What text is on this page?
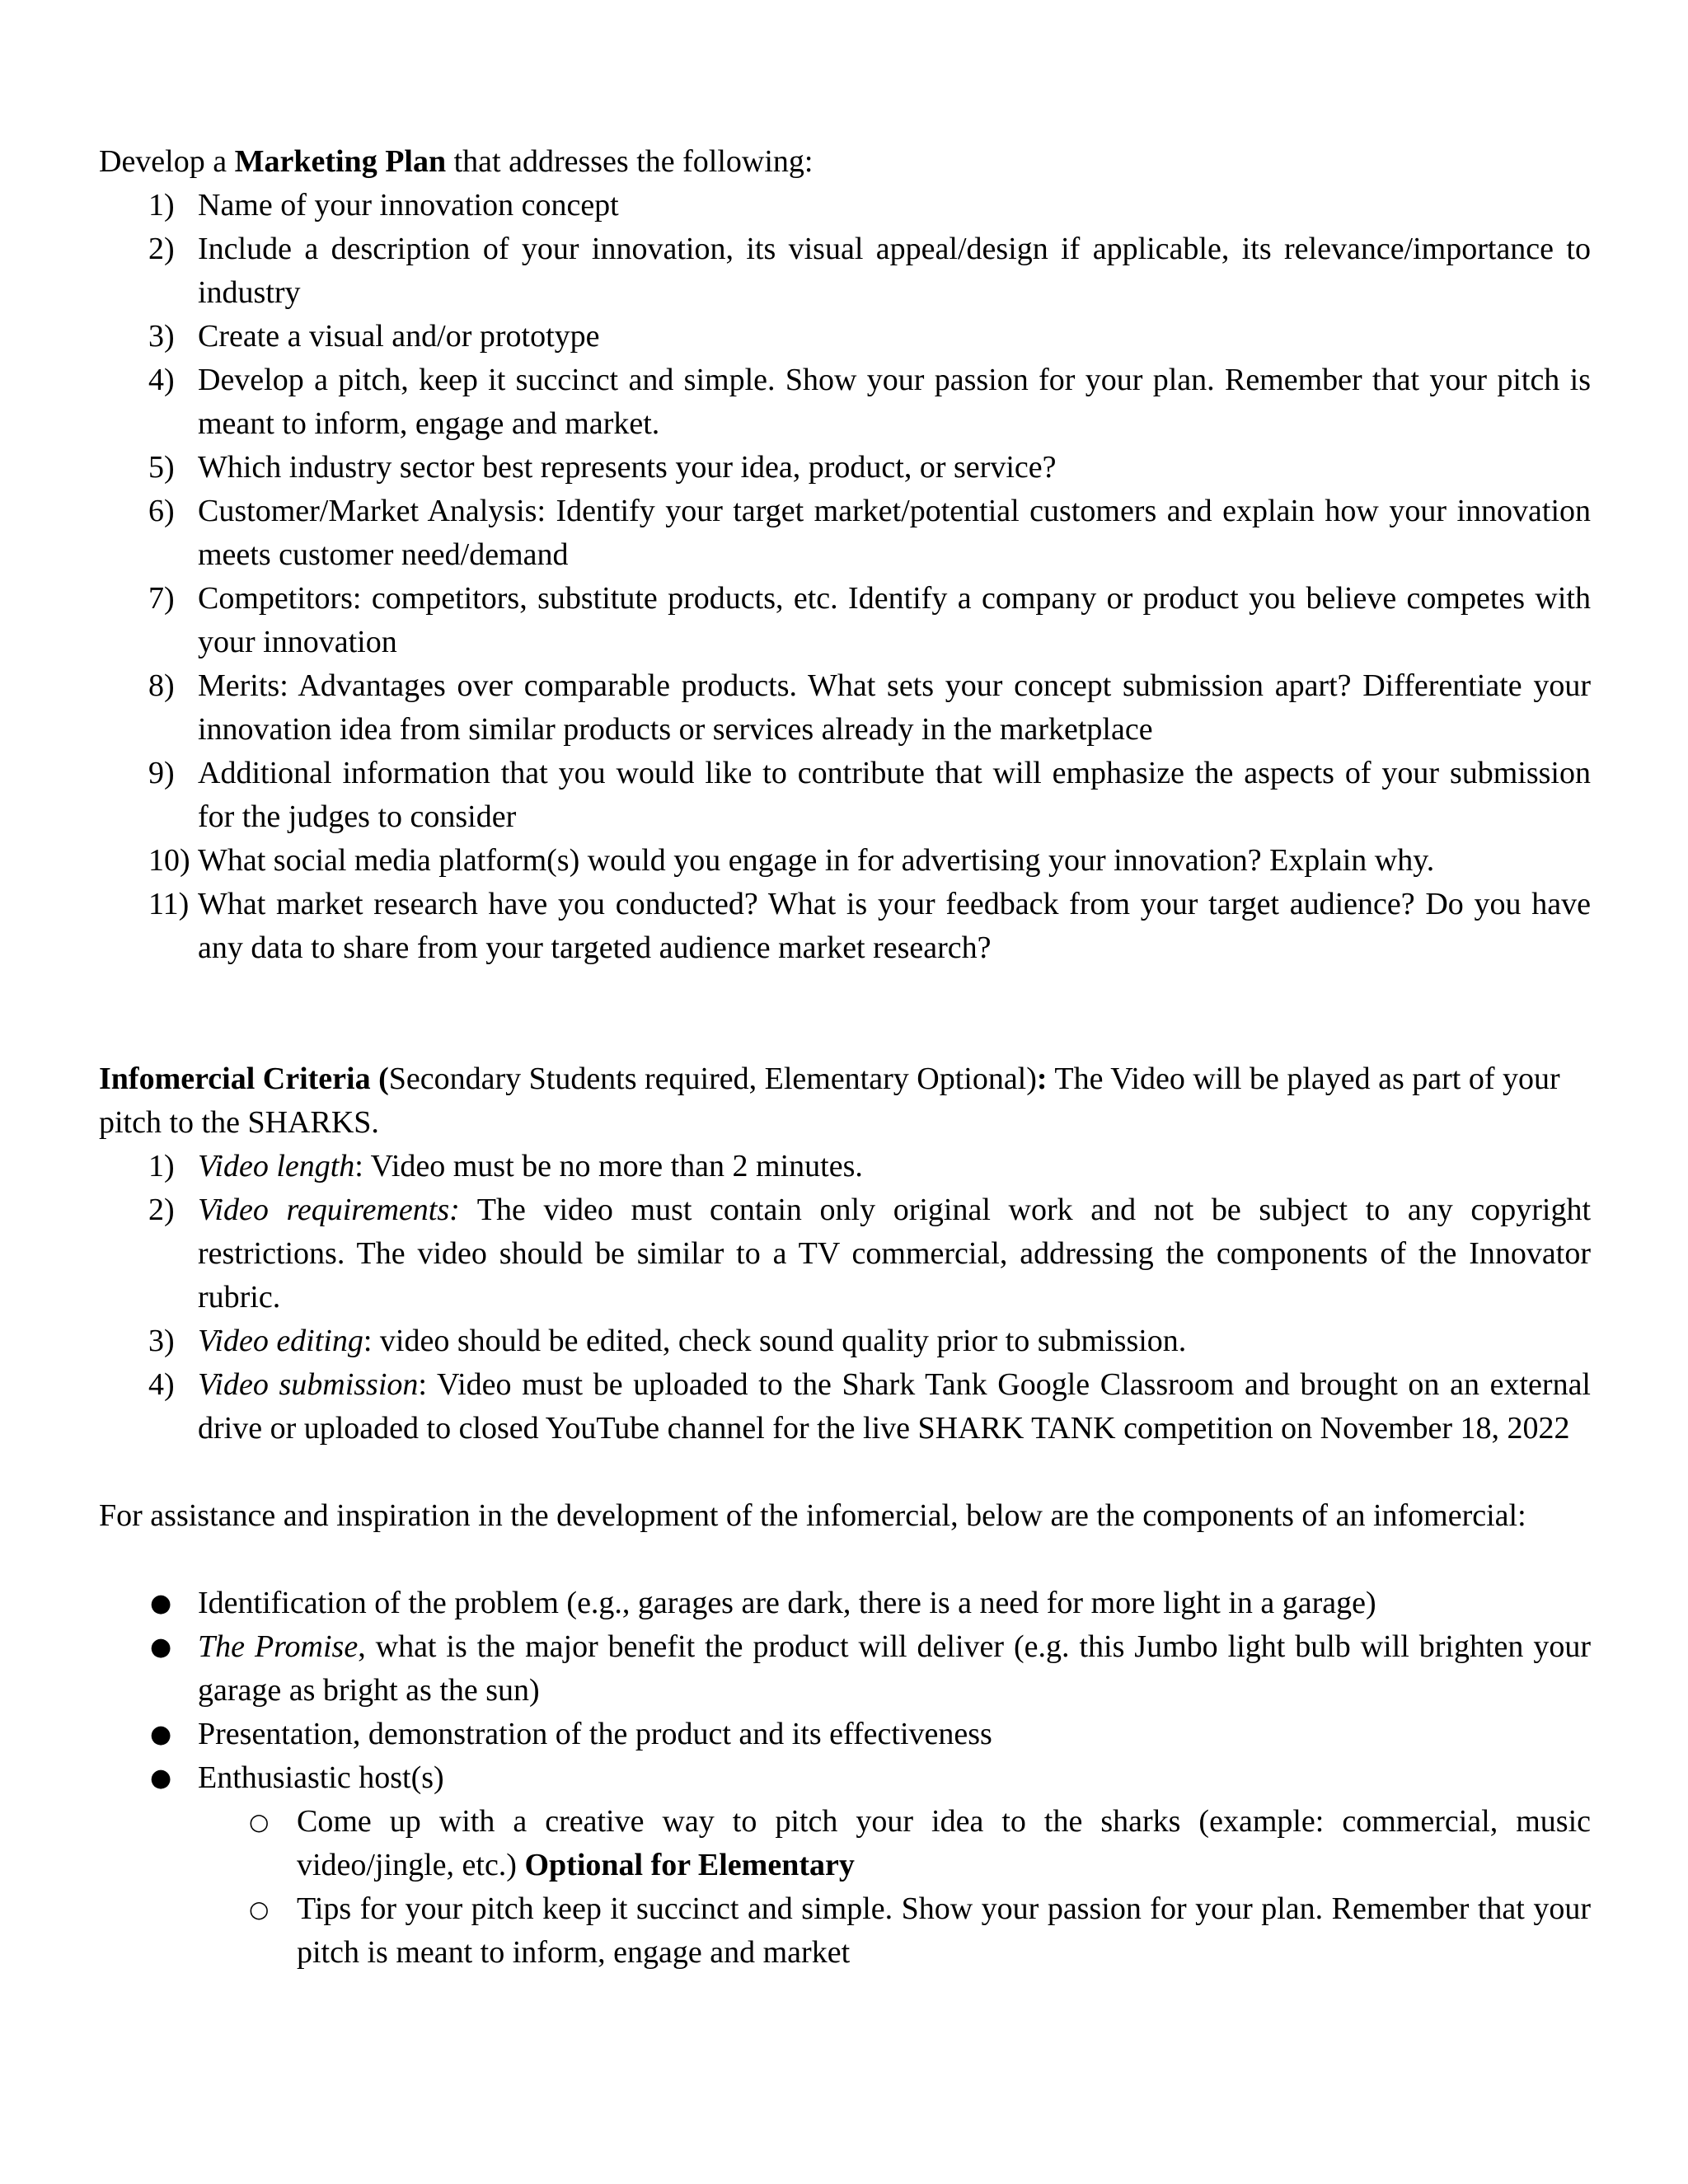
Develop a Marketing Plan that addresses the following:

1) Name of your innovation concept
2) Include a description of your innovation, its visual appeal/design if applicable, its relevance/importance to industry
3) Create a visual and/or prototype
4) Develop a pitch, keep it succinct and simple. Show your passion for your plan. Remember that your pitch is meant to inform, engage and market.
5) Which industry sector best represents your idea, product, or service?
6) Customer/Market Analysis: Identify your target market/potential customers and explain how your innovation meets customer need/demand
7) Competitors: competitors, substitute products, etc. Identify a company or product you believe competes with your innovation
8) Merits: Advantages over comparable products. What sets your concept submission apart? Differentiate your innovation idea from similar products or services already in the marketplace
9) Additional information that you would like to contribute that will emphasize the aspects of your submission for the judges to consider
10) What social media platform(s) would you engage in for advertising your innovation? Explain why.
11) What market research have you conducted? What is your feedback from your target audience? Do you have any data to share from your targeted audience market research?

Infomercial Criteria (Secondary Students required, Elementary Optional): The Video will be played as part of your pitch to the SHARKS.

1) Video length: Video must be no more than 2 minutes.
2) Video requirements: The video must contain only original work and not be subject to any copyright restrictions. The video should be similar to a TV commercial, addressing the components of the Innovator rubric.
3) Video editing: video should be edited, check sound quality prior to submission.
4) Video submission: Video must be uploaded to the Shark Tank Google Classroom and brought on an external drive or uploaded to closed YouTube channel for the live SHARK TANK competition on November 18, 2022

For assistance and inspiration in the development of the infomercial, below are the components of an infomercial:

● Identification of the problem (e.g., garages are dark, there is a need for more light in a garage)
● The Promise, what is the major benefit the product will deliver (e.g. this Jumbo light bulb will brighten your garage as bright as the sun)
● Presentation, demonstration of the product and its effectiveness
● Enthusiastic host(s)
○ Come up with a creative way to pitch your idea to the sharks (example: commercial, music video/jingle, etc.) Optional for Elementary
○ Tips for your pitch keep it succinct and simple. Show your passion for your plan. Remember that your pitch is meant to inform, engage and market
